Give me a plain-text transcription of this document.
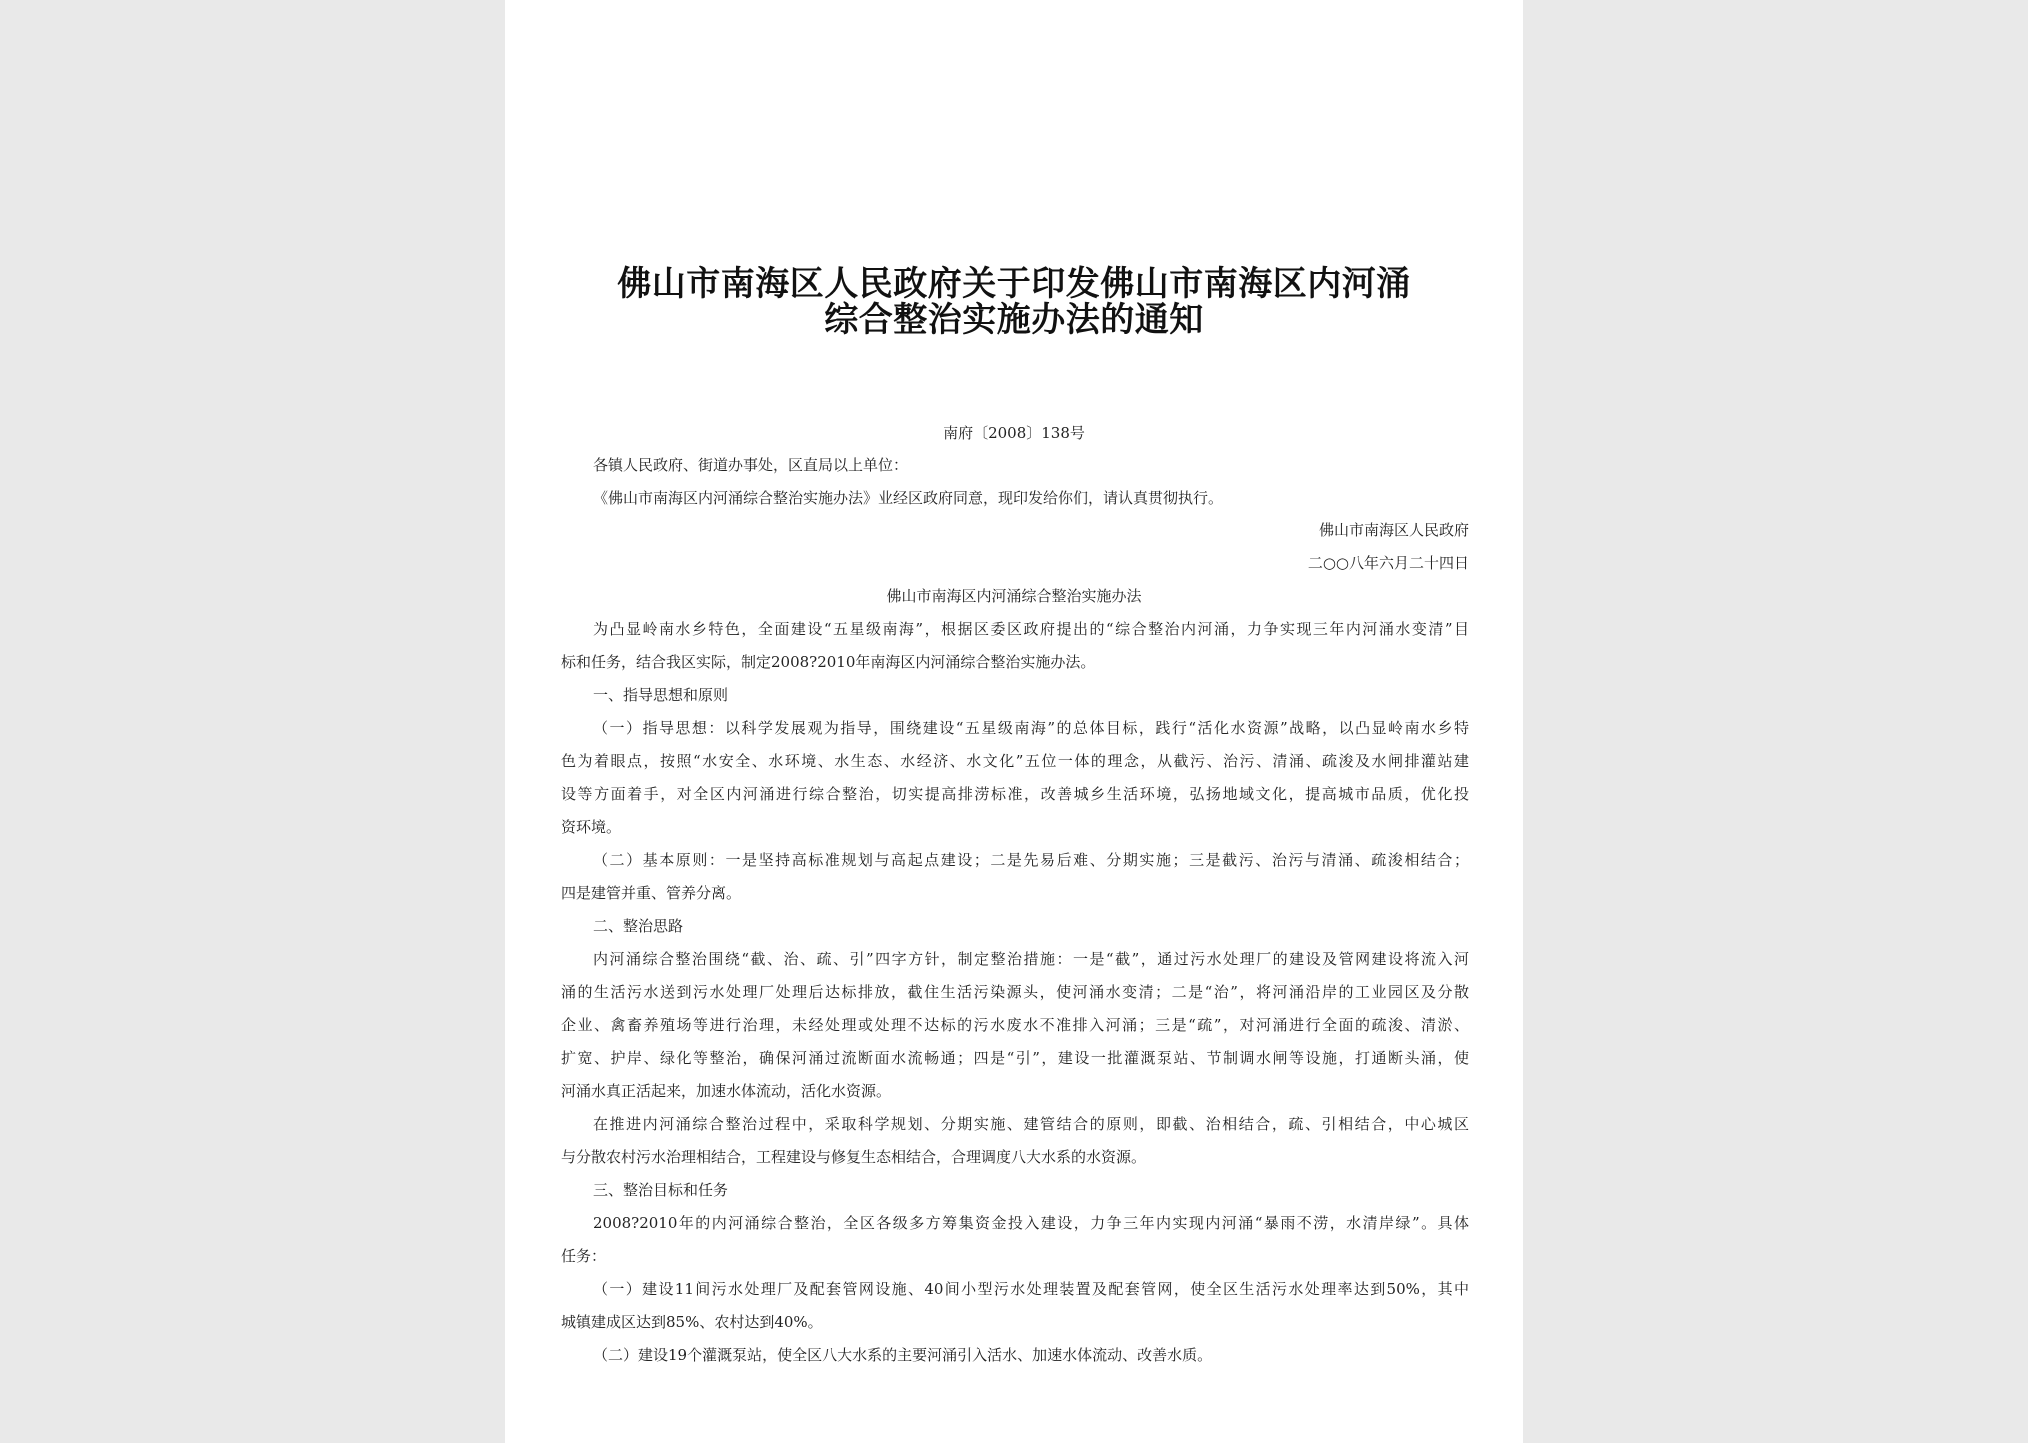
佛山市南海区人民政府关于印发佛山市南海区内河涌
综合整治实施办法的通知
南府〔2008〕138号
各镇人民政府、街道办事处，区直局以上单位：
《佛山市南海区内河涌综合整治实施办法》业经区政府同意，现印发给你们，请认真贯彻执行。
佛山市南海区人民政府
二○○八年六月二十四日
佛山市南海区内河涌综合整治实施办法
为凸显岭南水乡特色，全面建设“五星级南海”，根据区委区政府提出的“综合整治内河涌，力争实现三年内河涌水变清”目
标和任务，结合我区实际，制定2008?2010年南海区内河涌综合整治实施办法。
一、指导思想和原则
（一）指导思想：以科学发展观为指导，围绕建设“五星级南海”的总体目标，践行“活化水资源”战略，以凸显岭南水乡特
色为着眼点，按照“水安全、水环境、水生态、水经济、水文化”五位一体的理念，从截污、治污、清涌、疏浚及水闸排灌站建
设等方面着手，对全区内河涌进行综合整治，切实提高排涝标准，改善城乡生活环境，弘扬地域文化，提高城市品质，优化投
资环境。
（二）基本原则：一是坚持高标准规划与高起点建设；二是先易后难、分期实施；三是截污、治污与清涌、疏浚相结合；
四是建管并重、管养分离。
二、整治思路
内河涌综合整治围绕“截、治、疏、引”四字方针，制定整治措施：一是“截”，通过污水处理厂的建设及管网建设将流入河
涌的生活污水送到污水处理厂处理后达标排放，截住生活污染源头，使河涌水变清；二是“治”，将河涌沿岸的工业园区及分散
企业、禽畜养殖场等进行治理，未经处理或处理不达标的污水废水不准排入河涌；三是“疏”，对河涌进行全面的疏浚、清淤、
扩宽、护岸、绿化等整治，确保河涌过流断面水流畅通；四是“引”，建设一批灌溉泵站、节制调水闸等设施，打通断头涌，使
河涌水真正活起来，加速水体流动，活化水资源。
在推进内河涌综合整治过程中，采取科学规划、分期实施、建管结合的原则，即截、治相结合，疏、引相结合，中心城区
与分散农村污水治理相结合，工程建设与修复生态相结合，合理调度八大水系的水资源。
三、整治目标和任务
2008?2010年的内河涌综合整治，全区各级多方筹集资金投入建设，力争三年内实现内河涌“暴雨不涝，水清岸绿”。具体
任务：
（一）建设11间污水处理厂及配套管网设施、40间小型污水处理装置及配套管网，使全区生活污水处理率达到50%，其中
城镇建成区达到85%、农村达到40%。
（二）建设19个灌溉泵站，使全区八大水系的主要河涌引入活水、加速水体流动、改善水质。
